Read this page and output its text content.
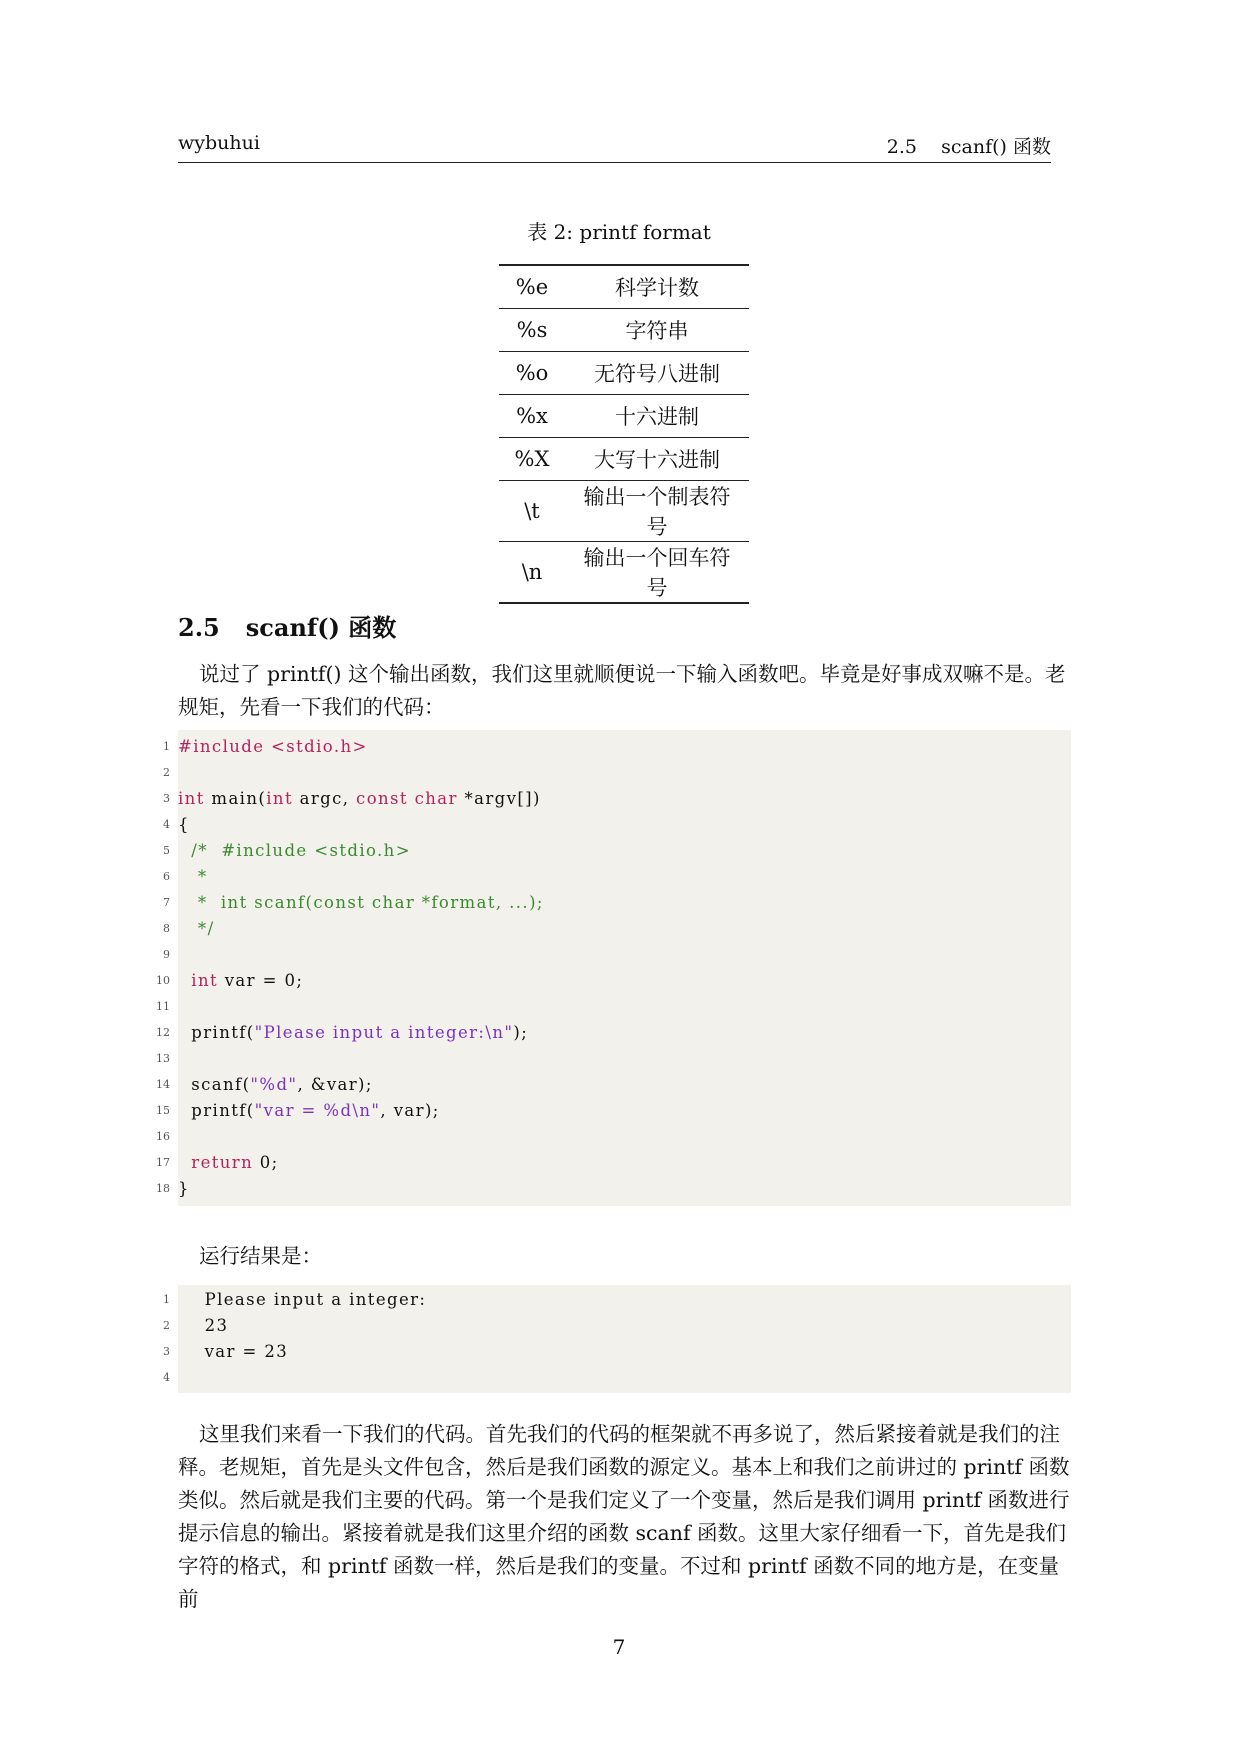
wybuhui	2.5    scanf() 函数
表 2: printf format
%e	科学计数
%s	字符串
%o	无符号八进制
%x	十六进制
%X	大写十六进制
\t	输出一个制表符号
\n	输出一个回车符号
2.5 scanf() 函数

说过了 printf() 这个输出函数，我们这里就顺便说一下输入函数吧。毕竟是好事成双嘛不是。老规矩，先看一下我们的代码：

1 #include <stdio.h>
2
3 int main(int argc, const char *argv[])
4 {
5 /*  #include <stdio.h>
6 *
7 *  int scanf(const char *format, ...);
8 */
9
10	int var = 0;
11
12 printf("Please input a integer:\n");
13
14 scanf("%d", &var);
15 printf("var = %d\n", var);
16
17	return 0;
18 }

运行结果是：

1 Please input a integer:
2 23
3 var = 23
4

这里我们来看一下我们的代码。首先我们的代码的框架就不再多说了，然后紧接着就是我们的注释。老规矩，首先是头文件包含，然后是我们函数的源定义。基本上和我们之前讲过的 printf 函数类似。然后就是我们主要的代码。第一个是我们定义了一个变量，然后是我们调用 printf 函数进行提示信息的输出。紧接着就是我们这里介绍的函数 scanf 函数。这里大家仔细看一下，首先是我们字符的格式，和 printf 函数一样，然后是我们的变量。不过和 printf 函数不同的地方是，在变量前

7
